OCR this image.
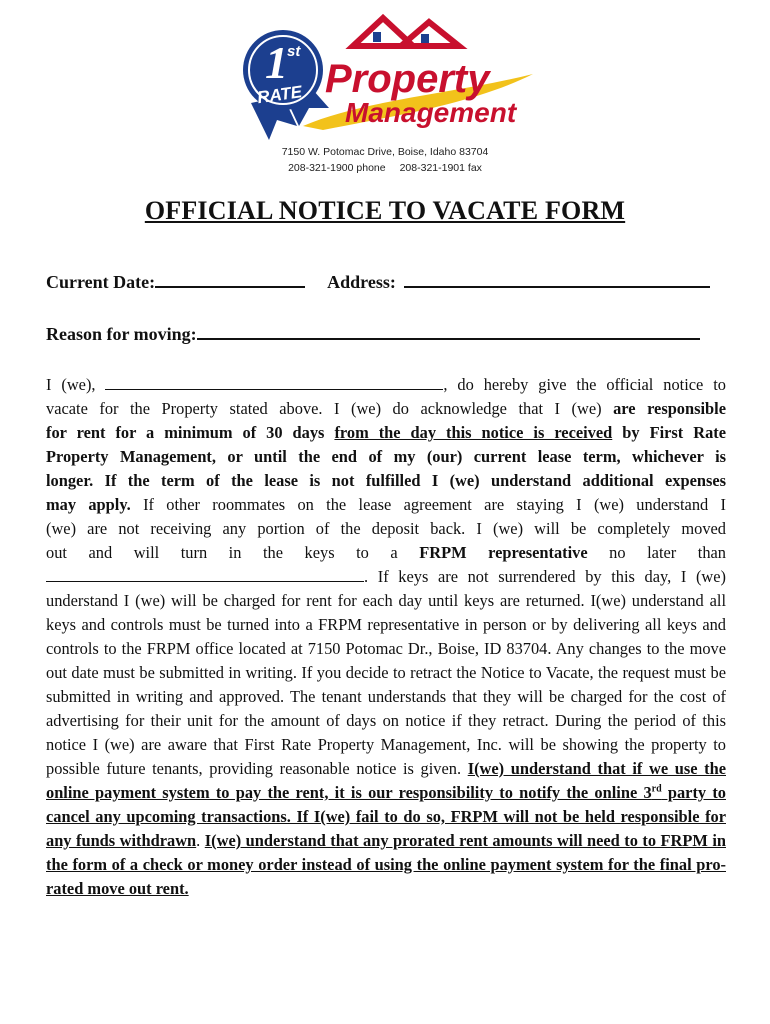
1 st
RATE Property
Management
7150 W. Potomac Drive, Boise, Idaho 83704
208-321-1900 phone 208-321-1901 fax
OFFICIAL NOTICE TO VACATE FORM
Current Date:	Address:
Reason for moving:
I (we),	, do hereby give the official notice to
vacate for the Property stated above. I (we) do acknowledge that I (we) are responsible
for rent for a minimum of 30 days from the day this notice is received by First Rate
Property Management, or until the end of my (our) current lease term, whichever is
longer. If the term of the lease is not fulfilled I (we) understand additional expenses
may apply. If other roommates on the lease agreement are staying I (we) understand I
(we) are not receiving any portion of the deposit back. I (we) will be completely moved
out and will turn in the keys to a FRPM representative no later than
. If keys are not surrendered by this day, I (we)
understand I (we) will be charged for rent for each day until keys are returned. I(we) understand all keys and controls must be turned into a FRPM representative in person or by delivering all keys and controls to the FRPM office located at 7150 Potomac Dr., Boise, ID 83704. Any changes to the move out date must be submitted in writing. If you decide to retract the Notice to Vacate, the request must be submitted in writing and approved. The tenant understands that they will be charged for the cost of advertising for their unit for the amount of days on notice if they retract. During the period of this notice I (we) are aware that First Rate Property Management, Inc. will be showing the property to possible future tenants, providing reasonable notice is given. I(we) understand that if we use the online payment system to pay the rent, it is our responsibility to notify the online 3rd party to cancel any upcoming transactions. If I(we) fail to do so, FRPM will not be held responsible for any funds withdrawn. I(we) understand that any prorated rent amounts will need to to FRPM in the form of a check or money order instead of using the online payment system for the final pro-rated move out rent.
